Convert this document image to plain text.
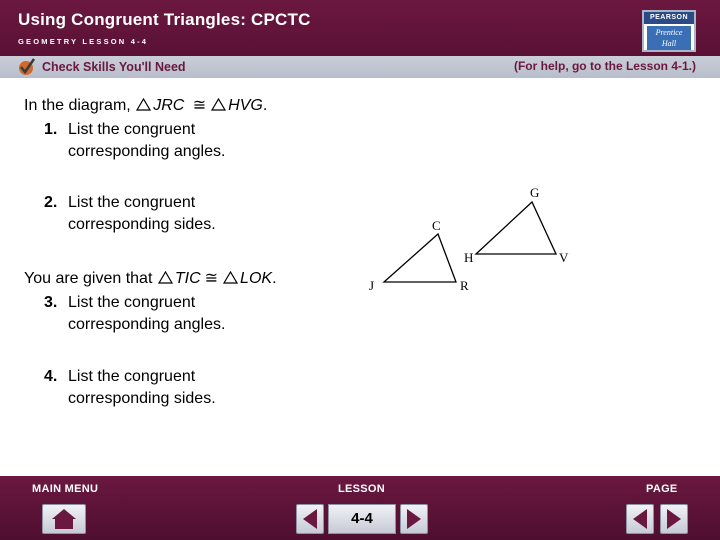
Using Congruent Triangles: CPCTC
GEOMETRY LESSON 4-4
PEARSON
Prentice
Hall
Check Skills You'll Need	(For help, go to the Lesson 4-1.)
In the diagram, JRC ≅ HVG.
1. List the congruent
corresponding angles.
2. List the congruent
corresponding sides.
You are given that TIC ≅ LOK.
3. List the congruent
corresponding angles.
4. List the congruent
corresponding sides.
C
J	R
G
H	V
MAIN MENU	LESSON	PAGE
4-4
